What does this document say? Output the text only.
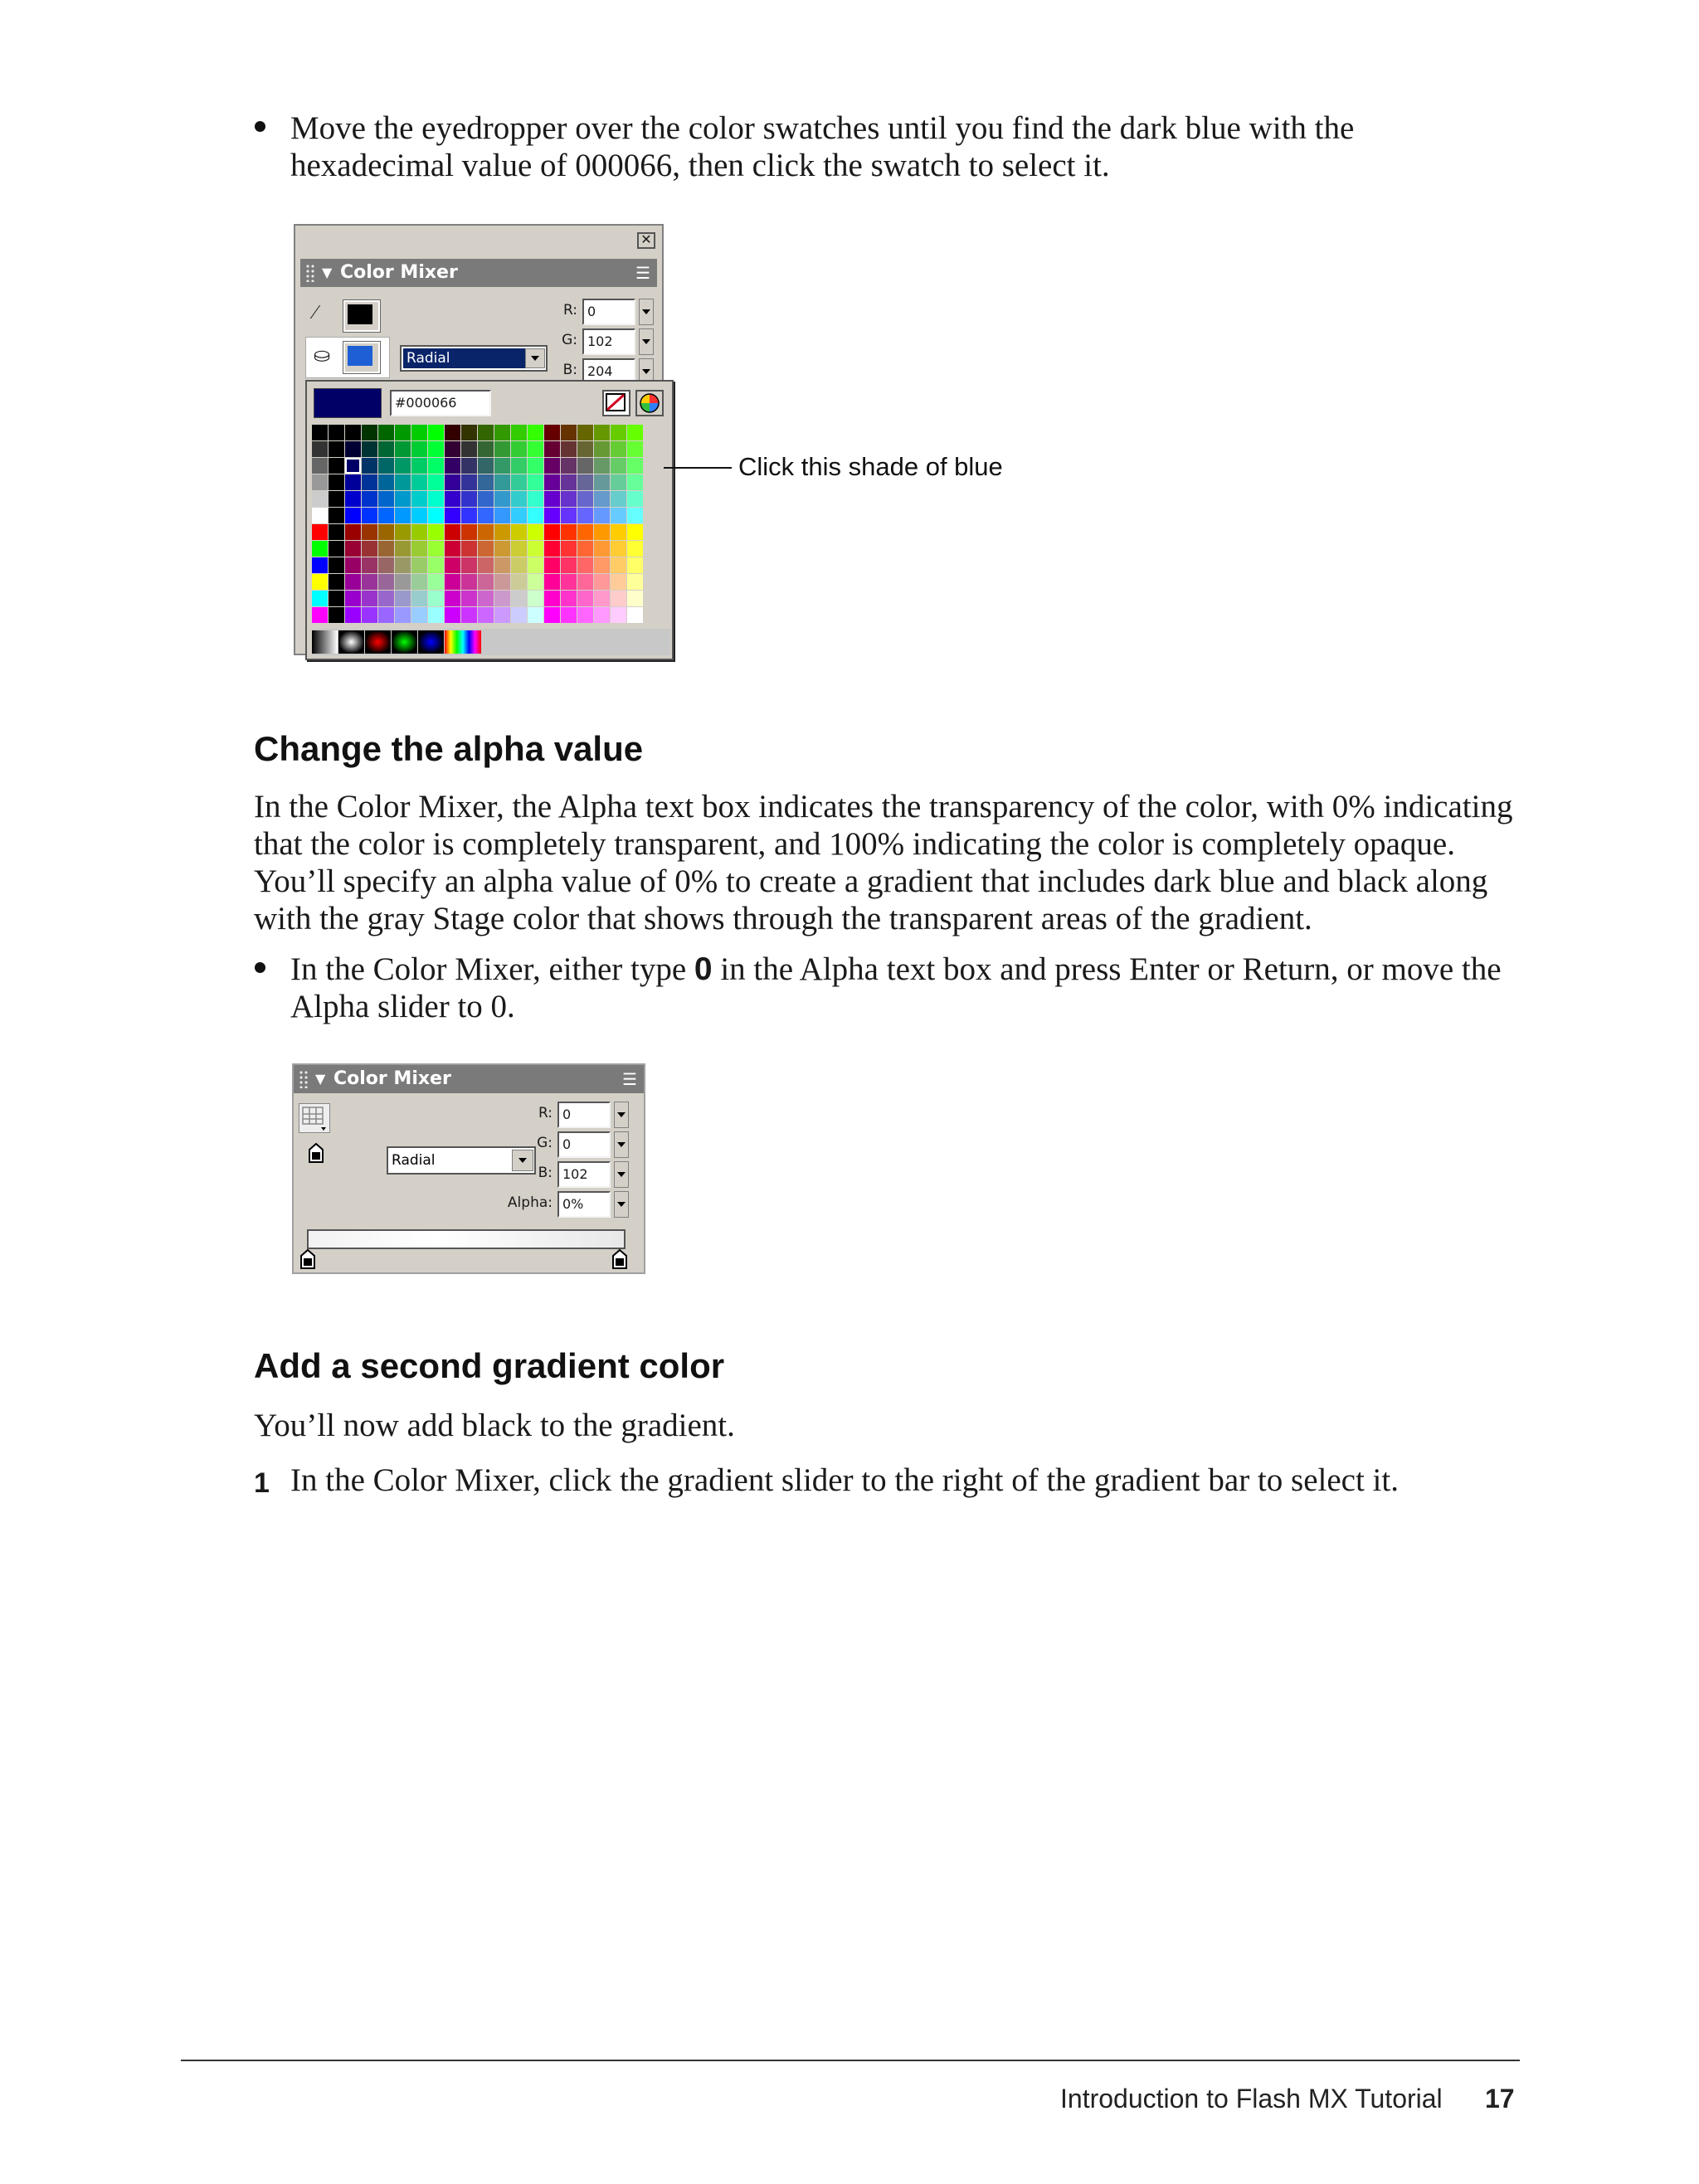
Move the eyedropper over the color swatches until you find the dark blue with the hexadecimal value of 000066, then click the swatch to select it.
✕
▼ Color Mixer	☰
⁄
⛀	Radial
R: 0
G: 102
B: 204
#000066
Click this shade of blue
Change the alpha value
In the Color Mixer, the Alpha text box indicates the transparency of the color, with 0% indicating that the color is completely transparent, and 100% indicating the color is completely opaque. You’ll specify an alpha value of 0% to create a gradient that includes dark blue and black along with the gray Stage color that shows through the transparent areas of the gradient.
In the Color Mixer, either type 0 in the Alpha text box and press Enter or Return, or move the Alpha slider to 0.
▼ Color Mixer	☰
Radial
R: 0
G: 0
B: 102
Alpha: 0%
Add a second gradient color
You’ll now add black to the gradient.
1 In the Color Mixer, click the gradient slider to the right of the gradient bar to select it.
Introduction to Flash MX Tutorial 17
